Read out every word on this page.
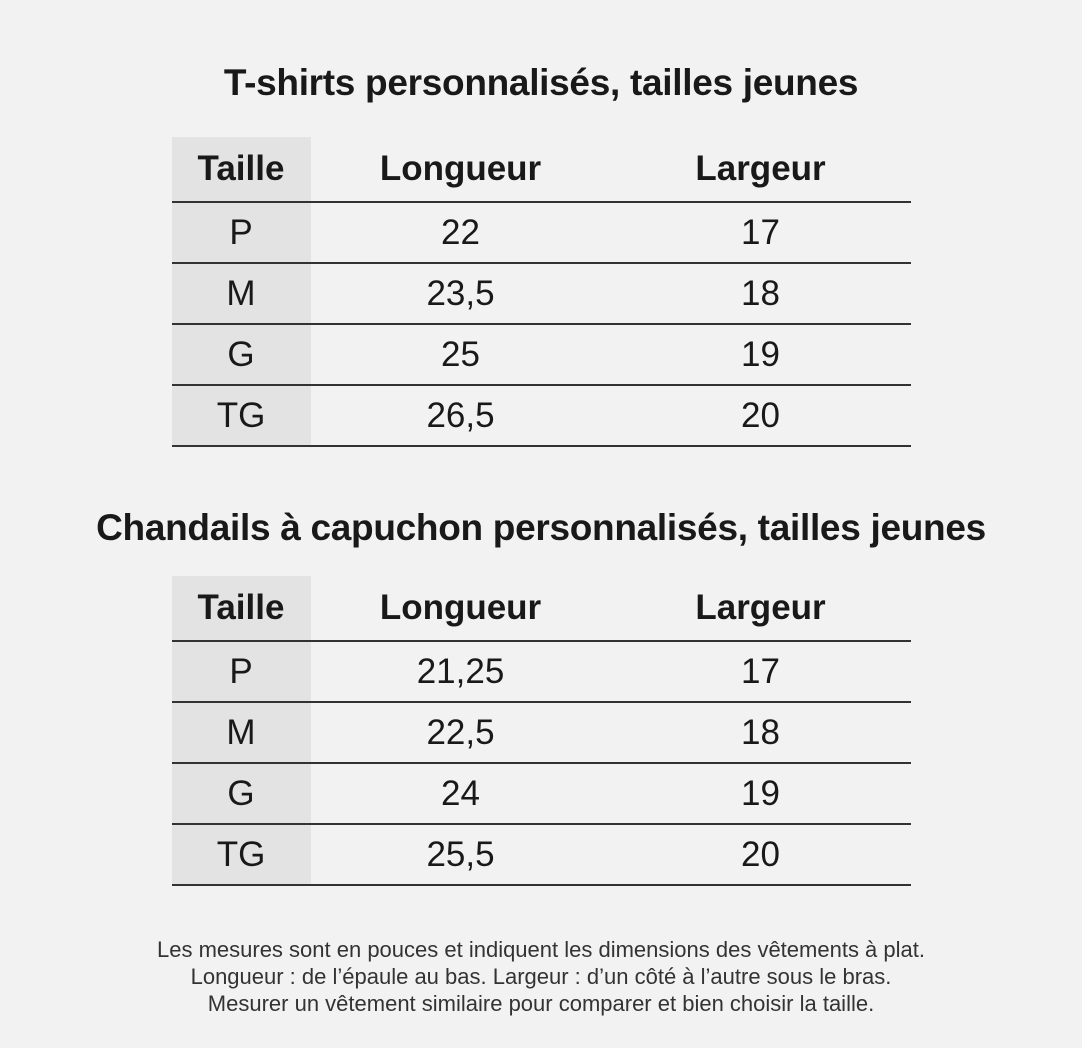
T-shirts personnalisés, tailles jeunes
Taille	Longueur	Largeur
P	22	17
M	23,5	18
G	25	19
TG	26,5	20
Chandails à capuchon personnalisés, tailles jeunes
Taille	Longueur	Largeur
P	21,25	17
M	22,5	18
G	24	19
TG	25,5	20
Les mesures sont en pouces et indiquent les dimensions des vêtements à plat.
Longueur : de l’épaule au bas. Largeur : d’un côté à l’autre sous le bras.
Mesurer un vêtement similaire pour comparer et bien choisir la taille.
